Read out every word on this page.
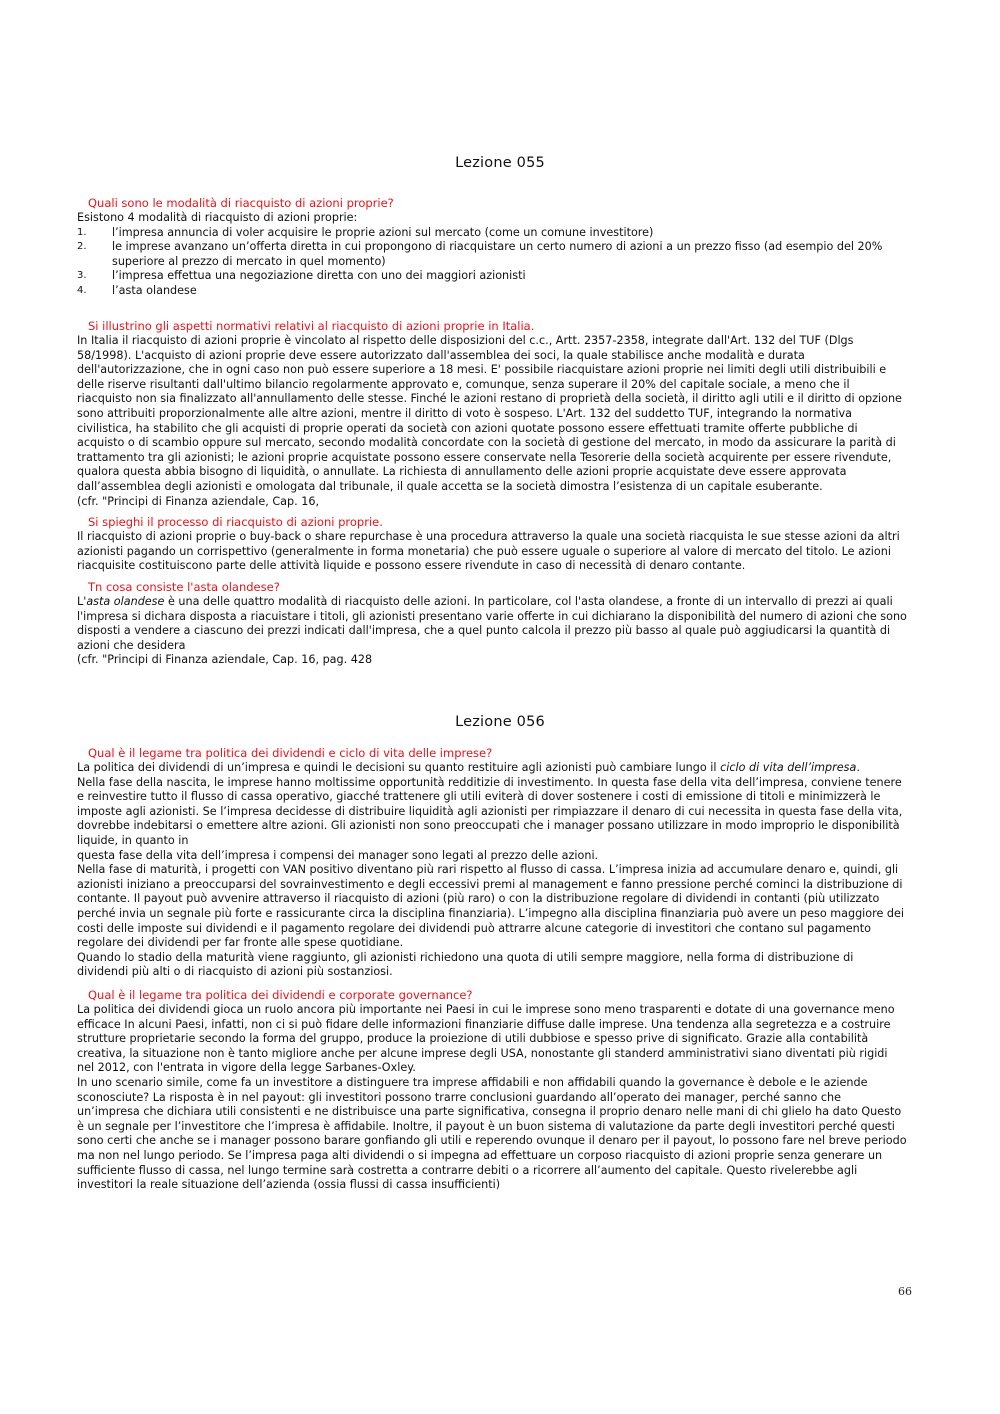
Lezione 055

Quali sono le modalità di riacquisto di azioni proprie?

Esistono 4 modalità di riacquisto di azioni proprie:

1.	l’impresa annuncia di voler acquisire le proprie azioni sul mercato (come un comune investitore)
2.	le imprese avanzano un’offerta diretta in cui propongono di riacquistare un certo numero di azioni a un prezzo fisso (ad esempio del 20% superiore al prezzo di mercato in quel momento)
3.	l’impresa effettua una negoziazione diretta con uno dei maggiori azionisti
4.	l’asta olandese

Si illustrino gli aspetti normativi relativi al riacquisto di azioni proprie in Italia.

In Italia il riacquisto di azioni proprie è vincolato al rispetto delle disposizioni del c.c., Artt. 2357-2358, integrate dall'Art. 132 del TUF (Dlgs 58/1998). L'acquisto di azioni proprie deve essere autorizzato dall'assemblea dei soci, la quale stabilisce anche modalità e durata dell'autorizzazione, che in ogni caso non può essere superiore a 18 mesi. E' possibile riacquistare azioni proprie nei limiti degli utili distribuibili e delle riserve risultanti dall'ultimo bilancio regolarmente approvato e, comunque, senza superare il 20% del capitale sociale, a meno che il riacquisto non sia finalizzato all'annullamento delle stesse. Finché le azioni restano di proprietà della società, il diritto agli utili e il diritto di opzione sono attribuiti proporzionalmente alle altre azioni, mentre il diritto di voto è sospeso. L'Art. 132 del suddetto TUF, integrando la normativa civilistica, ha stabilito che gli acquisti di proprie operati da società con azioni quotate possono essere effettuati tramite offerte pubbliche di acquisto o di scambio oppure sul mercato, secondo modalità concordate con la società di gestione del mercato, in modo da assicurare la parità di trattamento tra gli azionisti; le azioni proprie acquistate possono essere conservate nella Tesorerie della società acquirente per essere rivendute, qualora questa abbia bisogno di liquidità, o annullate. La richiesta di annullamento delle azioni proprie acquistate deve essere approvata dall’assemblea degli azionisti e omologata dal tribunale, il quale accetta se la società dimostra l’esistenza di un capitale esuberante.

(cfr. "Principi di Finanza aziendale, Cap. 16,

Si spieghi il processo di riacquisto di azioni proprie.

Il riacquisto di azioni proprie o buy-back o share repurchase è una procedura attraverso la quale una società riacquista le sue stesse azioni da altri azionisti pagando un corrispettivo (generalmente in forma monetaria) che può essere uguale o superiore al valore di mercato del titolo. Le azioni riacquisite costituiscono parte delle attività liquide e possono essere rivendute in caso di necessità di denaro contante.

Tn cosa consiste l'asta olandese?

L'asta olandese è una delle quattro modalità di riacquisto delle azioni. In particolare, col l'asta olandese, a fronte di un intervallo di prezzi ai quali l'impresa si dichara disposta a riacuistare i titoli, gli azionisti presentano varie offerte in cui dichiarano la disponibilità del numero di azioni che sono disposti a vendere a ciascuno dei prezzi indicati dall'impresa, che a quel punto calcola il prezzo più basso al quale può aggiudicarsi la quantità di azioni che desidera

(cfr. "Principi di Finanza aziendale, Cap. 16, pag. 428

Lezione 056

Qual è il legame tra politica dei dividendi e ciclo di vita delle imprese?

La politica dei dividendi di un’impresa e quindi le decisioni su quanto restituire agli azionisti può cambiare lungo il ciclo di vita dell’impresa.

Nella fase della nascita, le imprese hanno moltissime opportunità redditizie di investimento. In questa fase della vita dell’impresa, conviene tenere e reinvestire tutto il flusso di cassa operativo, giacché trattenere gli utili eviterà di dover sostenere i costi di emissione di titoli e minimizzerà le imposte agli azionisti. Se l’impresa decidesse di distribuire liquidità agli azionisti per rimpiazzare il denaro di cui necessita in questa fase della vita, dovrebbe indebitarsi o emettere altre azioni. Gli azionisti non sono preoccupati che i manager possano utilizzare in modo improprio le disponibilità liquide, in quanto in

questa fase della vita dell’impresa i compensi dei manager sono legati al prezzo delle azioni.

Nella fase di maturità, i progetti con VAN positivo diventano più rari rispetto al flusso di cassa. L’impresa inizia ad accumulare denaro e, quindi, gli azionisti iniziano a preoccuparsi del sovrainvestimento e degli eccessivi premi al management e fanno pressione perché cominci la distribuzione di contante. Il payout può avvenire attraverso il riacquisto di azioni (più raro) o con la distribuzione regolare di dividendi in contanti (più utilizzato perché invia un segnale più forte e rassicurante circa la disciplina finanziaria). L’impegno alla disciplina finanziaria può avere un peso maggiore dei costi delle imposte sui dividendi e il pagamento regolare dei dividendi può attrarre alcune categorie di investitori che contano sul pagamento regolare dei dividendi per far fronte alle spese quotidiane.

Quando lo stadio della maturità viene raggiunto, gli azionisti richiedono una quota di utili sempre maggiore, nella forma di distribuzione di dividendi più alti o di riacquisto di azioni più sostanziosi.

Qual è il legame tra politica dei dividendi e corporate governance?

La politica dei dividendi gioca un ruolo ancora più importante nei Paesi in cui le imprese sono meno trasparenti e dotate di una governance meno efficace In alcuni Paesi, infatti, non ci si può fidare delle informazioni finanziarie diffuse dalle imprese. Una tendenza alla segretezza e a costruire strutture proprietarie secondo la forma del gruppo, produce la proiezione di utili dubbiose e spesso prive di significato. Grazie alla contabilità creativa, la situazione non è tanto migliore anche per alcune imprese degli USA, nonostante gli standerd amministrativi siano diventati più rigidi nel 2012, con l'entrata in vigore della legge Sarbanes-Oxley.

In uno scenario simile, come fa un investitore a distinguere tra imprese affidabili e non affidabili quando la governance è debole e le aziende sconosciute? La risposta è in nel payout: gli investitori possono trarre conclusioni guardando all’operato dei manager, perché sanno che un’impresa che dichiara utili consistenti e ne distribuisce una parte significativa, consegna il proprio denaro nelle mani di chi glielo ha dato Questo è un segnale per l’investitore che l’impresa è affidabile. Inoltre, il payout è un buon sistema di valutazione da parte degli investitori perché questi sono certi che anche se i manager possono barare gonfiando gli utili e reperendo ovunque il denaro per il payout, lo possono fare nel breve periodo ma non nel lungo periodo. Se l’impresa paga alti dividendi o si impegna ad effettuare un corposo riacquisto di azioni proprie senza generare un sufficiente flusso di cassa, nel lungo termine sarà costretta a contrarre debiti o a ricorrere all’aumento del capitale. Questo rivelerebbe agli investitori la reale situazione dell’azienda (ossia flussi di cassa insufficienti)

66
